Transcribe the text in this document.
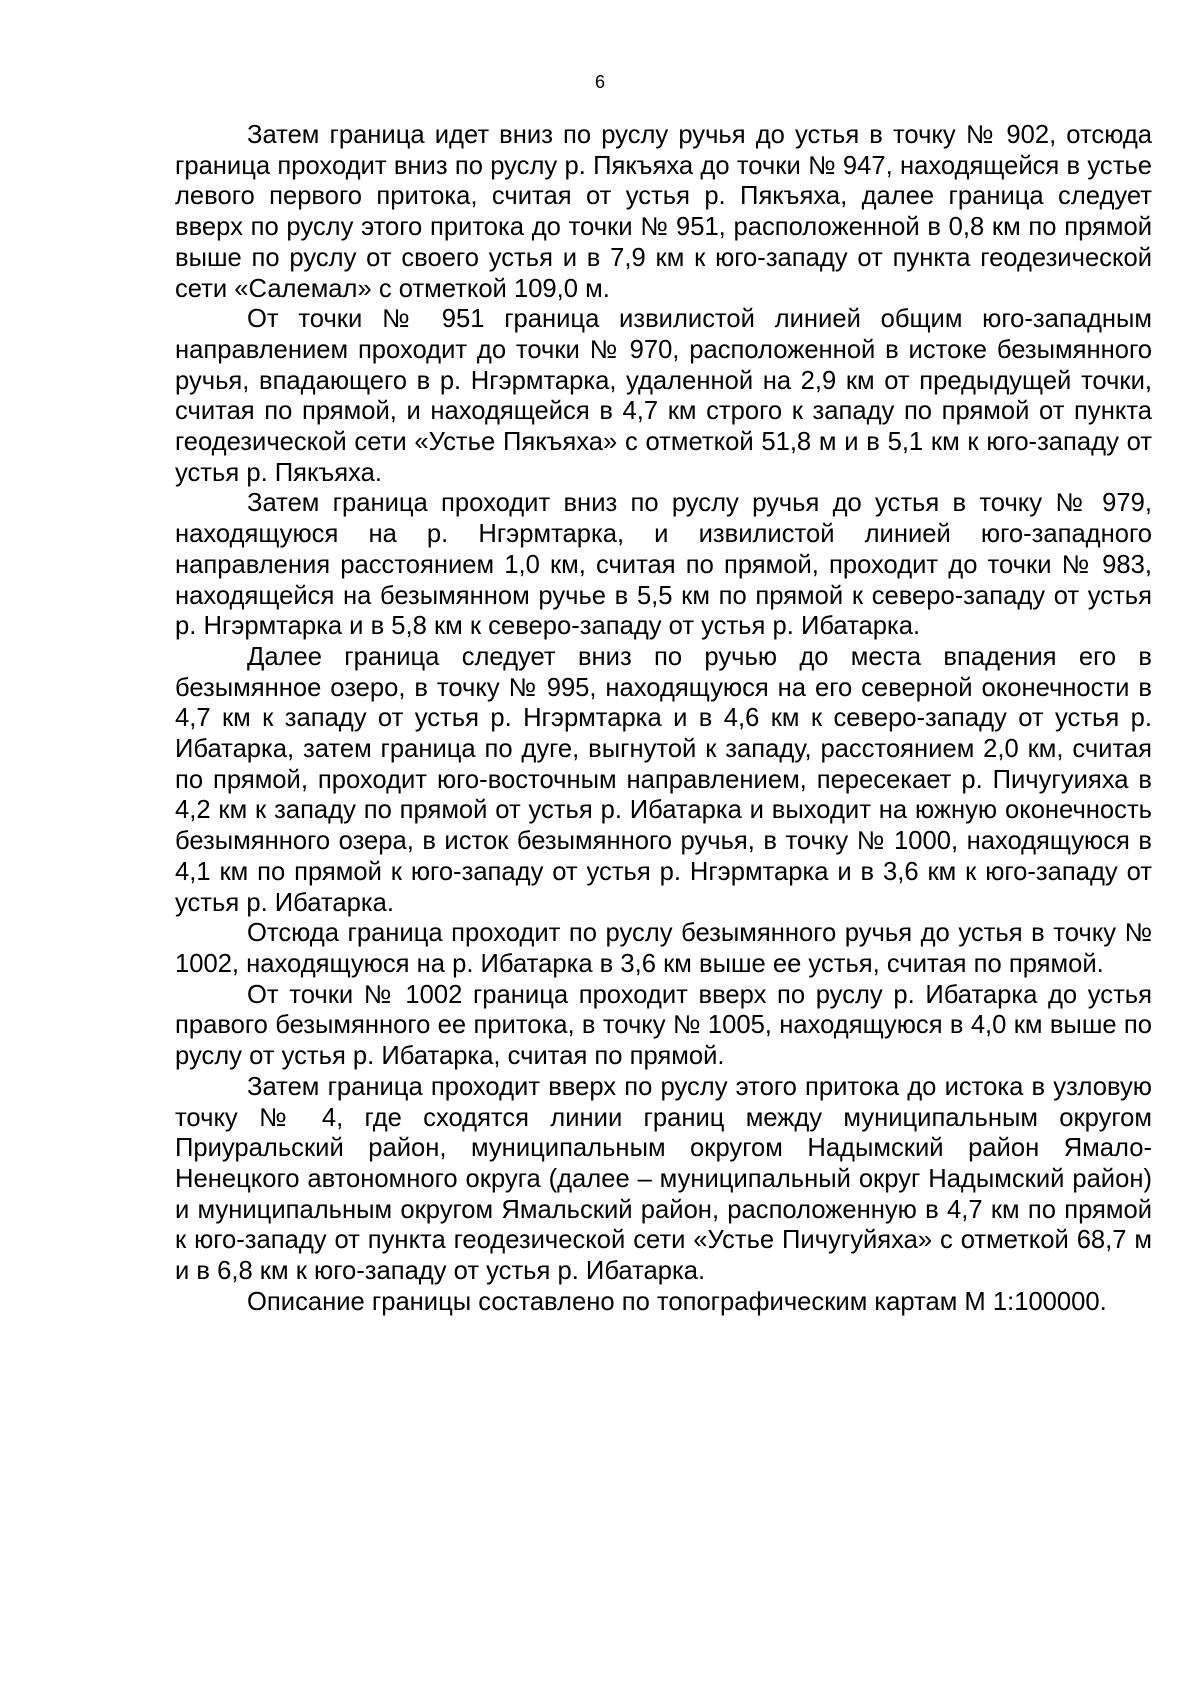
6

Затем граница идет вниз по руслу ручья до устья в точку № 902, отсюда граница проходит вниз по руслу р. Пякъяха до точки № 947, находящейся в устье левого первого притока, считая от устья р. Пякъяха, далее граница следует вверх по руслу этого притока до точки № 951, расположенной в 0,8 км по прямой выше по руслу от своего устья и в 7,9 км к юго-западу от пункта геодезической сети «Салемал» с отметкой 109,0 м.

От точки № 951 граница извилистой линией общим юго-западным направлением проходит до точки № 970, расположенной в истоке безымянного ручья, впадающего в р. Нгэрмтарка, удаленной на 2,9 км от предыдущей точки, считая по прямой, и находящейся в 4,7 км строго к западу по прямой от пункта геодезической сети «Устье Пякъяха» с отметкой 51,8 м и в 5,1 км к юго-западу от устья р. Пякъяха.

Затем граница проходит вниз по руслу ручья до устья в точку № 979, находящуюся на р. Нгэрмтарка, и извилистой линией юго-западного направления расстоянием 1,0 км, считая по прямой, проходит до точки № 983, находящейся на безымянном ручье в 5,5 км по прямой к северо-западу от устья р. Нгэрмтарка и в 5,8 км к северо-западу от устья р. Ибатарка.

Далее граница следует вниз по ручью до места впадения его в безымянное озеро, в точку № 995, находящуюся на его северной оконечности в 4,7 км к западу от устья р. Нгэрмтарка и в 4,6 км к северо-западу от устья р. Ибатарка, затем граница по дуге, выгнутой к западу, расстоянием 2,0 км, считая по прямой, проходит юго-восточным направлением, пересекает р. Пичугуияха в 4,2 км к западу по прямой от устья р. Ибатарка и выходит на южную оконечность безымянного озера, в исток безымянного ручья, в точку № 1000, находящуюся в 4,1 км по прямой к юго-западу от устья р. Нгэрмтарка и в 3,6 км к юго-западу от устья р. Ибатарка.

Отсюда граница проходит по руслу безымянного ручья до устья в точку № 1002, находящуюся на р. Ибатарка в 3,6 км выше ее устья, считая по прямой.

От точки № 1002 граница проходит вверх по руслу р. Ибатарка до устья правого безымянного ее притока, в точку № 1005, находящуюся в 4,0 км выше по руслу от устья р. Ибатарка, считая по прямой.

Затем граница проходит вверх по руслу этого притока до истока в узловую точку № 4, где сходятся линии границ между муниципальным округом Приуральский район, муниципальным округом Надымский район Ямало-Ненецкого автономного округа (далее – муниципальный округ Надымский район) и муниципальным округом Ямальский район, расположенную в 4,7 км по прямой к юго-западу от пункта геодезической сети «Устье Пичугуйяха» с отметкой 68,7 м и в 6,8 км к юго-западу от устья р. Ибатарка.

Описание границы составлено по топографическим картам М 1:100000.
